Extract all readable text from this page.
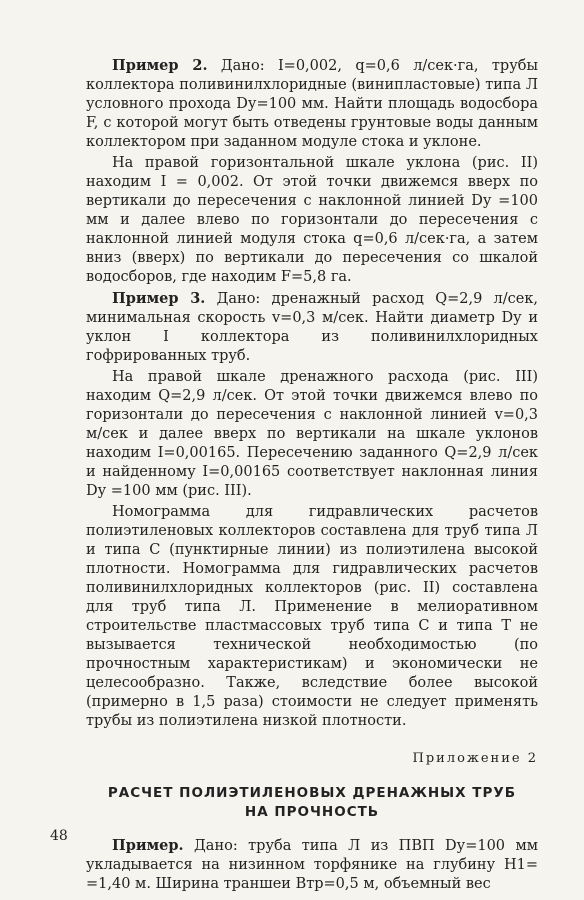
Пример 2. Дано: I=0,002, q=0,6 л/сек·га, трубы коллектора поливинилхлоридные (винипластовые) типа Л условного прохода Dу=100 мм. Найти площадь водосбора F, с которой могут быть отведены грунтовые воды данным коллектором при заданном модуле стока и уклоне.

На правой горизонтальной шкале уклона (рис. II) находим I = 0,002. От этой точки движемся вверх по вертикали до пересечения с наклонной линией Dу =100 мм и далее влево по горизонтали до пересечения с наклонной линией модуля стока q=0,6 л/сек·га, а затем вниз (вверх) по вертикали до пересечения со шкалой водосборов, где находим F=5,8 га.

Пример 3. Дано: дренажный расход Q=2,9 л/сек, минимальная скорость v=0,3 м/сек. Найти диаметр Dу и уклон I коллектора из поливинилхлоридных гофрированных труб.

На правой шкале дренажного расхода (рис. III) находим Q=2,9 л/сек. От этой точки движемся влево по горизонтали до пересечения с наклонной линией v=0,3 м/сек и далее вверх по вертикали на шкале уклонов находим I=0,00165. Пересечению заданного Q=2,9 л/сек и найденному I=0,00165 соответствует наклонная линия Dу =100 мм (рис. III).

Номограмма для гидравлических расчетов полиэтиленовых коллекторов составлена для труб типа Л и типа С (пунктирные линии) из полиэтилена высокой плотности. Номограмма для гидравлических расчетов поливинилхлоридных коллекторов (рис. II) составлена для труб типа Л. Применение в мелиоративном строительстве пластмассовых труб типа С и типа Т не вызывается технической необходимостью (по прочностным характеристикам) и экономически не целесообразно. Также, вследствие более высокой (примерно в 1,5 раза) стоимости не следует применять трубы из полиэтилена низкой плотности.

Приложение 2
РАСЧЕТ ПОЛИЭТИЛЕНОВЫХ ДРЕНАЖНЫХ ТРУБ
НА ПРОЧНОСТЬ

Пример. Дано: труба типа Л из ПВП Dу=100 мм укладывается на низинном торфянике на глубину H1= =1,40 м. Ширина траншеи Bтр=0,5 м, объемный вес

48
